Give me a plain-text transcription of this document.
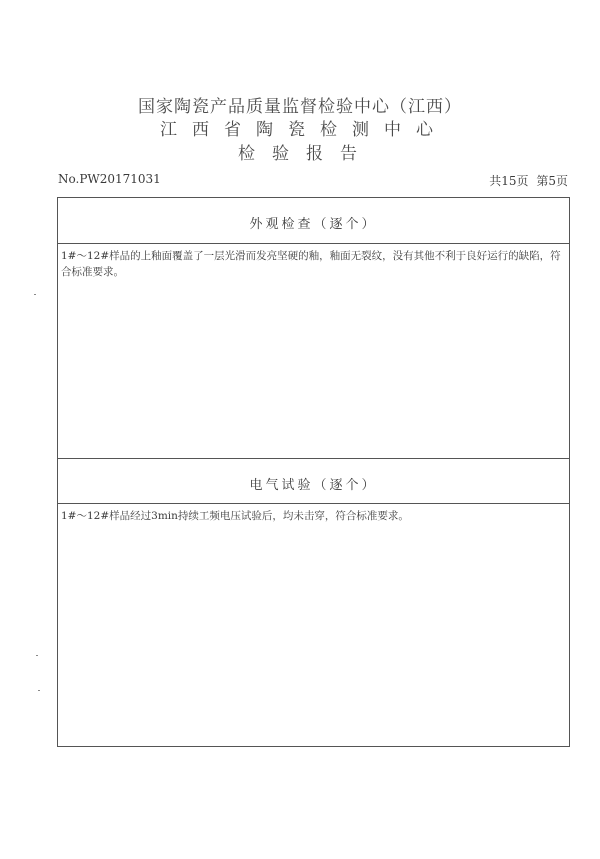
国家陶瓷产品质量监督检验中心（江西）
江西省陶瓷检测中心
检验报告
No.PW20171031	共15页 第5页
外观检查（逐个）
1#～12#样品的上釉面覆盖了一层光滑而发亮坚硬的釉，釉面无裂纹，没有其他不利于良好运行的缺陷，符合标准要求。
电气试验（逐个）
1#～12#样品经过3min持续工频电压试验后，均未击穿，符合标准要求。
